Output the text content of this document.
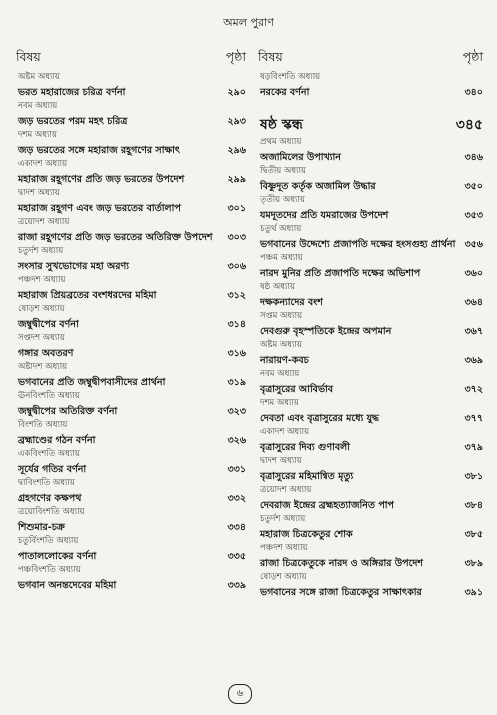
অমল পুরাণ
বিষয়	পৃষ্ঠা
অষ্টম অধ্যায়
ভরত মহারাজের চরিত্র বর্ণনা	২৯০
নবম অধ্যায়
জড় ভরতের পরম মহৎ চরিত্র	২৯৩
দশম অধ্যায়
জড় ভরতের সঙ্গে মহারাজ রহূগণের সাক্ষাৎ	২৯৬
একাদশ অধ্যায়
মহারাজ রহূগণের প্রতি জড় ভরতের উপদেশ	২৯৯
দ্বাদশ অধ্যায়
মহারাজ রহূগণ এবং জড় ভরতের বার্তালাপ	৩০১
ত্রয়োদশ অধ্যায়
রাজা রহূগণের প্রতি জড় ভরতের অতিরিক্ত উপদেশ	৩০৩
চতুর্দশ অধ্যায়
সংসার সুখভোগের মহা অরণ্য	৩০৬
পঞ্চদশ অধ্যায়
মহারাজ প্রিয়ব্রতের বংশধরদের মহিমা	৩১২
ষোড়শ অধ্যায়
জম্বুদ্বীপের বর্ণনা	৩১৪
সপ্তদশ অধ্যায়
গঙ্গার অবতরণ	৩১৬
অষ্টাদশ অধ্যায়
ভগবানের প্রতি জম্বুদ্বীপবাসীদের প্রার্থনা	৩১৯
ঊনবিংশতি অধ্যায়
জম্বুদ্বীপের অতিরিক্ত বর্ণনা	৩২৩
বিংশতি অধ্যায়
ব্রহ্মাণ্ডের গঠন বর্ণনা	৩২৬
একবিংশতি অধ্যায়
সূর্যের গতির বর্ণনা	৩৩১
দ্বাবিংশতি অধ্যায়
গ্রহগণের কক্ষপথ	৩৩২
ত্রয়োবিংশতি অধ্যায়
শিশুমার-চক্র	৩৩৪
চতুর্বিংশতি অধ্যায়
পাতাললোকের বর্ণনা	৩৩৫
পঞ্চবিংশতি অধ্যায়
ভগবান অনন্তদেবের মহিমা	৩৩৯
বিষয়	পৃষ্ঠা
ষড়বিংশতি অধ্যায়
নরকের বর্ণনা	৩৪০
ষষ্ঠ স্কন্ধ	৩৪৫
প্রথম অধ্যায়
অজামিলের উপাখ্যান	৩৪৬
দ্বিতীয় অধ্যায়
বিষ্ণুদূত কর্তৃক অজামিল উদ্ধার	৩৫০
তৃতীয় অধ্যায়
যমদূতদের প্রতি যমরাজের উপদেশ	৩৫৩
চতুর্থ অধ্যায়
ভগবানের উদ্দেশ্যে প্রজাপতি দক্ষের হংসগুহ্য প্রার্থনা ৩৫৬
পঞ্চম অধ্যায়
নারদ মুনির প্রতি প্রজাপতি দক্ষের অভিশাপ	৩৬০
ষষ্ঠ অধ্যায়
দক্ষকন্যাদের বংশ	৩৬৪
সপ্তম অধ্যায়
দেবগুরু বৃহস্পতিকে ইন্দ্রের অপমান	৩৬৭
অষ্টম অধ্যায়
নারায়ণ-কবচ	৩৬৯
নবম অধ্যায়
বৃত্রাসুরের আবির্ভাব	৩৭২
দশম অধ্যায়
দেবতা এবং বৃত্রাসুরের মধ্যে যুদ্ধ	৩৭৭
একাদশ অধ্যায়
বৃত্রাসুরের দিব্য গুণাবলী	৩৭৯
দ্বাদশ অধ্যায়
বৃত্রাসুরের মহিমান্বিত মৃত্যু	৩৮১
ত্রয়োদশ অধ্যায়
দেবরাজ ইন্দ্রের ব্রহ্মহত্যাজনিত পাপ	৩৮৪
চতুর্দশ অধ্যায়
মহারাজ চিত্রকেতুর শোক	৩৮৫
পঞ্চদশ অধ্যায়
রাজা চিত্রকেতুকে নারদ ও অঙ্গিরার উপদেশ	৩৮৯
ষোড়শ অধ্যায়
ভগবানের সঙ্গে রাজা চিত্রকেতুর সাক্ষাৎকার	৩৯১
৬
